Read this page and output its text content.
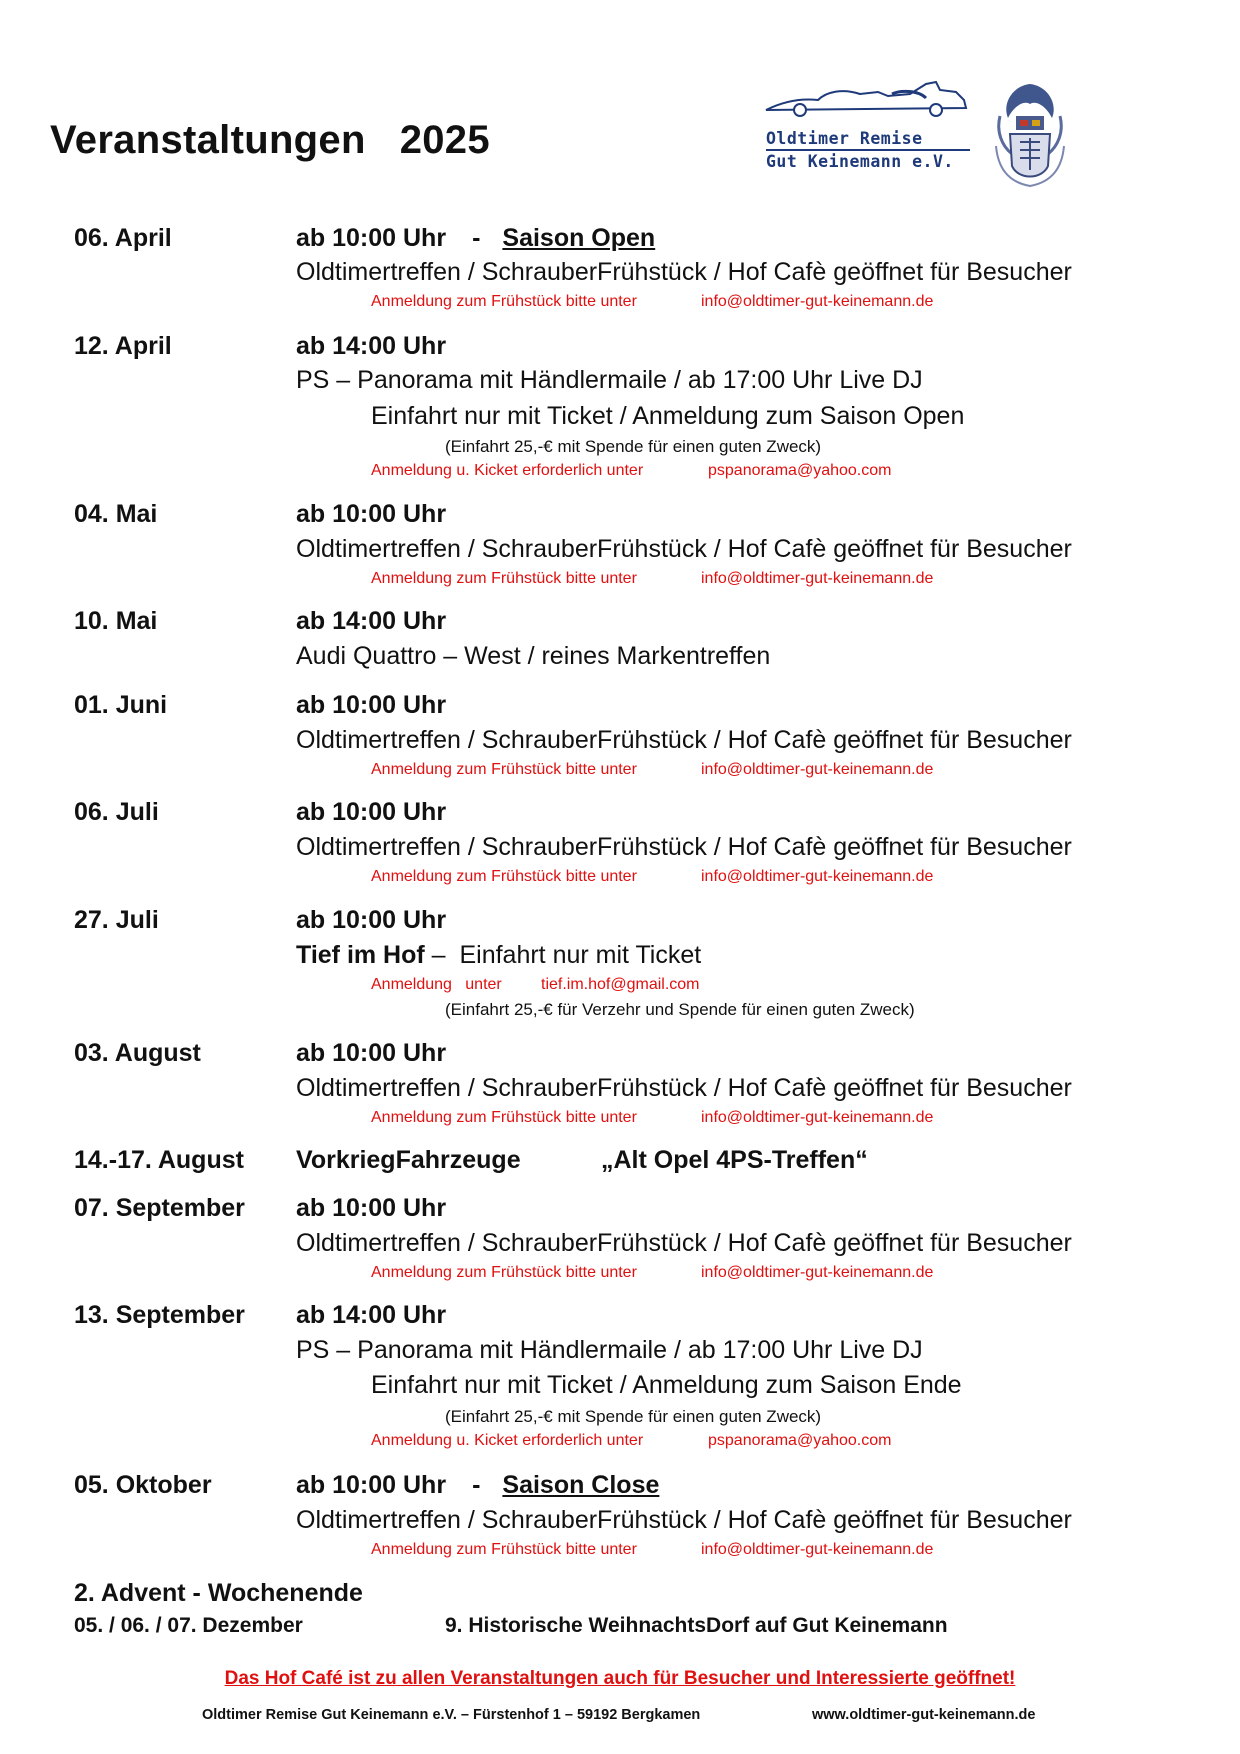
Veranstaltungen 2025	Oldtimer Remise
Gut Keinemann e.V.
06. April	ab 10:00 Uhr - Saison Open
Oldtimertreffen / SchrauberFrühstück / Hof Cafè geöffnet für Besucher
Anmeldung zum Frühstück bitte unter	info@oldtimer-gut-keinemann.de
12. April	ab 14:00 Uhr
PS – Panorama mit Händlermaile / ab 17:00 Uhr Live DJ
Einfahrt nur mit Ticket / Anmeldung zum Saison Open
(Einfahrt 25,-€ mit Spende für einen guten Zweck)
Anmeldung u. Kicket erforderlich unter	pspanorama@yahoo.com
04. Mai	ab 10:00 Uhr
Oldtimertreffen / SchrauberFrühstück / Hof Cafè geöffnet für Besucher
Anmeldung zum Frühstück bitte unter	info@oldtimer-gut-keinemann.de
10. Mai	ab 14:00 Uhr
Audi Quattro – West / reines Markentreffen
01. Juni	ab 10:00 Uhr
Oldtimertreffen / SchrauberFrühstück / Hof Cafè geöffnet für Besucher
Anmeldung zum Frühstück bitte unter	info@oldtimer-gut-keinemann.de
06. Juli	ab 10:00 Uhr
Oldtimertreffen / SchrauberFrühstück / Hof Cafè geöffnet für Besucher
Anmeldung zum Frühstück bitte unter	info@oldtimer-gut-keinemann.de
27. Juli	ab 10:00 Uhr
Tief im Hof –  Einfahrt nur mit Ticket
Anmeldung   unter tief.im.hof@gmail.com
(Einfahrt 25,-€ für Verzehr und Spende für einen guten Zweck)
03. August	ab 10:00 Uhr
Oldtimertreffen / SchrauberFrühstück / Hof Cafè geöffnet für Besucher
Anmeldung zum Frühstück bitte unter	info@oldtimer-gut-keinemann.de
14.-17. August VorkriegFahrzeuge	„Alt Opel 4PS-Treffen“
07. September ab 10:00 Uhr
Oldtimertreffen / SchrauberFrühstück / Hof Cafè geöffnet für Besucher
Anmeldung zum Frühstück bitte unter	info@oldtimer-gut-keinemann.de
13. September ab 14:00 Uhr
PS – Panorama mit Händlermaile / ab 17:00 Uhr Live DJ
Einfahrt nur mit Ticket / Anmeldung zum Saison Ende
(Einfahrt 25,-€ mit Spende für einen guten Zweck)
Anmeldung u. Kicket erforderlich unter	pspanorama@yahoo.com
05. Oktober	ab 10:00 Uhr - Saison Close
Oldtimertreffen / SchrauberFrühstück / Hof Cafè geöffnet für Besucher
Anmeldung zum Frühstück bitte unter	info@oldtimer-gut-keinemann.de
2. Advent - Wochenende
05. / 06. / 07. Dezember	9. Historische WeihnachtsDorf auf Gut Keinemann
Das Hof Café ist zu allen Veranstaltungen auch für Besucher und Interessierte geöffnet!
Oldtimer Remise Gut Keinemann e.V. – Fürstenhof 1 – 59192 Bergkamen	www.oldtimer-gut-keinemann.de
